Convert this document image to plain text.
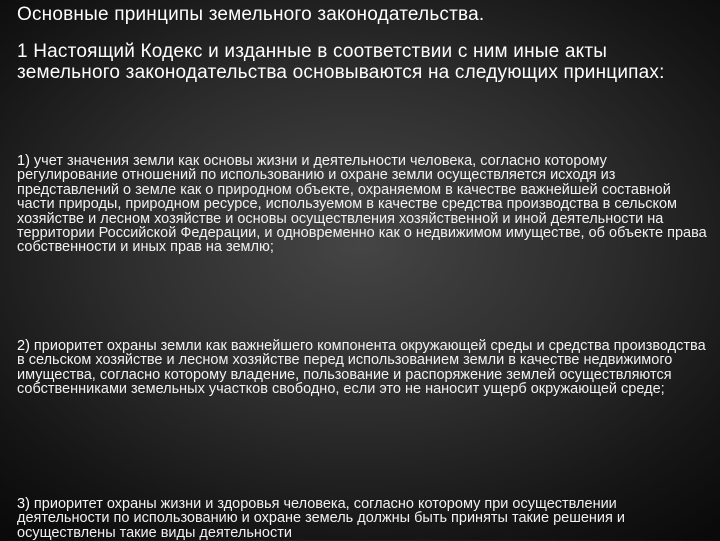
Основные принципы земельного законодательства.

1 Настоящий Кодекс и изданные в соответствии с ним иные акты земельного законодательства основываются на следующих принципах:

1) учет значения земли как основы жизни и деятельности человека, согласно которому регулирование отношений по использованию и охране земли осуществляется исходя из представлений о земле как о природном объекте, охраняемом в качестве важнейшей составной части природы, природном ресурсе, используемом в качестве средства производства в сельском хозяйстве и лесном хозяйстве и основы осуществления хозяйственной и иной деятельности на территории Российской Федерации, и одновременно как о недвижимом имуществе, об объекте права собственности и иных прав на землю;

2) приоритет охраны земли как важнейшего компонента окружающей среды и средства производства в сельском хозяйстве и лесном хозяйстве перед использованием земли в качестве недвижимого имущества, согласно которому владение, пользование и распоряжение землей осуществляются собственниками земельных участков свободно, если это не наносит ущерб окружающей среде;

3) приоритет охраны жизни и здоровья человека, согласно которому при осуществлении деятельности по использованию и охране земель должны быть приняты такие решения и осуществлены такие виды деятельности
